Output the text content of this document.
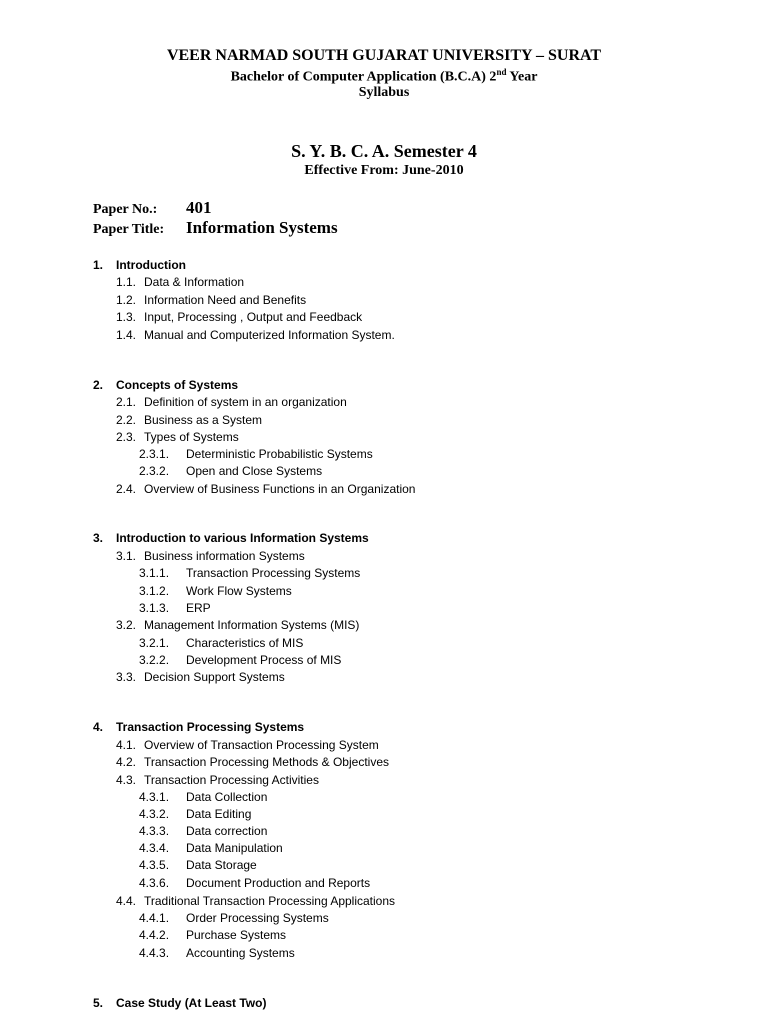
VEER NARMAD SOUTH GUJARAT UNIVERSITY – SURAT
Bachelor of Computer Application (B.C.A) 2nd Year
Syllabus
S. Y. B. C. A. Semester 4
Effective From: June-2010
Paper No.: 401
Paper Title: Information Systems
1. Introduction
1.1. Data & Information
1.2. Information Need and Benefits
1.3. Input, Processing , Output and Feedback
1.4. Manual and Computerized Information System.
2. Concepts of Systems
2.1. Definition of system in an organization
2.2. Business as a System
2.3. Types of Systems
2.3.1. Deterministic Probabilistic Systems
2.3.2. Open and Close Systems
2.4. Overview of Business Functions in an Organization
3. Introduction to various Information Systems
3.1. Business information Systems
3.1.1. Transaction Processing Systems
3.1.2. Work Flow Systems
3.1.3. ERP
3.2. Management Information Systems (MIS)
3.2.1. Characteristics of MIS
3.2.2. Development Process of MIS
3.3. Decision Support Systems
4. Transaction Processing Systems
4.1. Overview of Transaction Processing System
4.2. Transaction Processing Methods & Objectives
4.3. Transaction Processing Activities
4.3.1. Data Collection
4.3.2. Data Editing
4.3.3. Data correction
4.3.4. Data Manipulation
4.3.5. Data Storage
4.3.6. Document Production and Reports
4.4. Traditional Transaction Processing Applications
4.4.1. Order Processing Systems
4.4.2. Purchase Systems
4.4.3. Accounting Systems
5. Case Study (At Least Two)
